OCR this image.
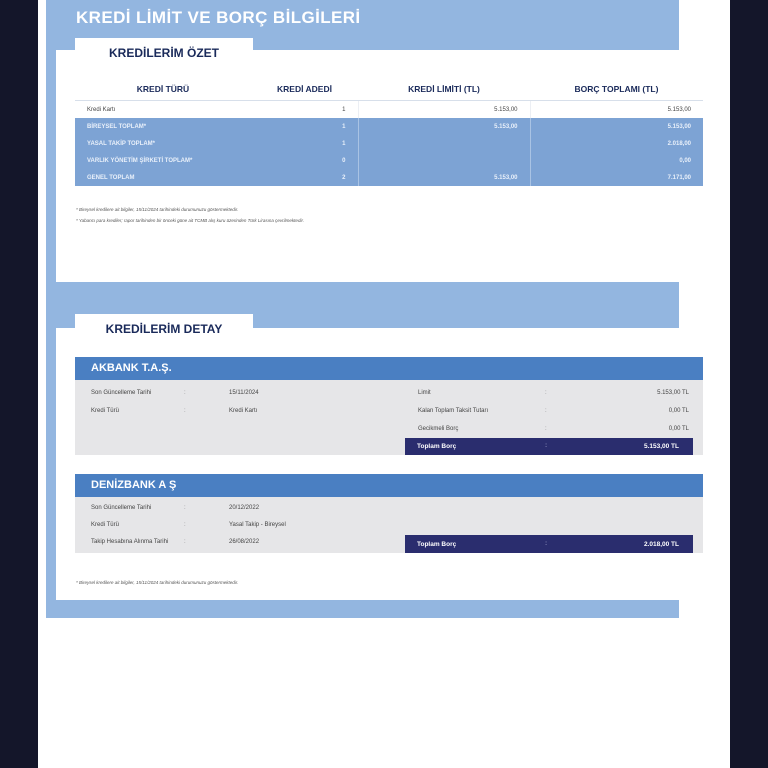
KREDİ LİMİT VE BORÇ BİLGİLERİ
KREDİLERİM ÖZET
KREDİ TÜRÜ	KREDİ ADEDİ	KREDİ LİMİTİ (TL)	BORÇ TOPLAMI (TL)
Kredi Kartı	1	5.153,00	5.153,00
BİREYSEL TOPLAM*	1	5.153,00	5.153,00
YASAL TAKİP TOPLAM*	1		2.018,00
VARLIK YÖNETİM ŞİRKETİ TOPLAM*	0		0,00
GENEL TOPLAM	2	5.153,00	7.171,00
* Bireysel kredilere ait bilgiler, 15/11/2024 tarihindeki durumunuzu göstermektedir.
* Yabancı para krediler; rapor tarihinden bir önceki güne ait TCMB alış kuru üzerinden Türk Lirasına çevrilmektedir.
KREDİLERİM DETAY
AKBANK T.A.Ş.
Son Güncelleme Tarihi	:	15/11/2024
Kredi Türü	:	Kredi Kartı
Limit	:	5.153,00 TL
Kalan Toplam Taksit Tutarı	:	0,00 TL
Gecikmeli Borç	:	0,00 TL
Toplam Borç	:	5.153,00 TL
DENİZBANK A Ş
Son Güncelleme Tarihi	:	20/12/2022
Kredi Türü	:	Yasal Takip - Bireysel
Takip Hesabına Alınma Tarihi	:	26/08/2022	Toplam Borç	:	2.018,00 TL
* Bireysel kredilere ait bilgiler, 15/11/2024 tarihindeki durumunuzu göstermektedir.
